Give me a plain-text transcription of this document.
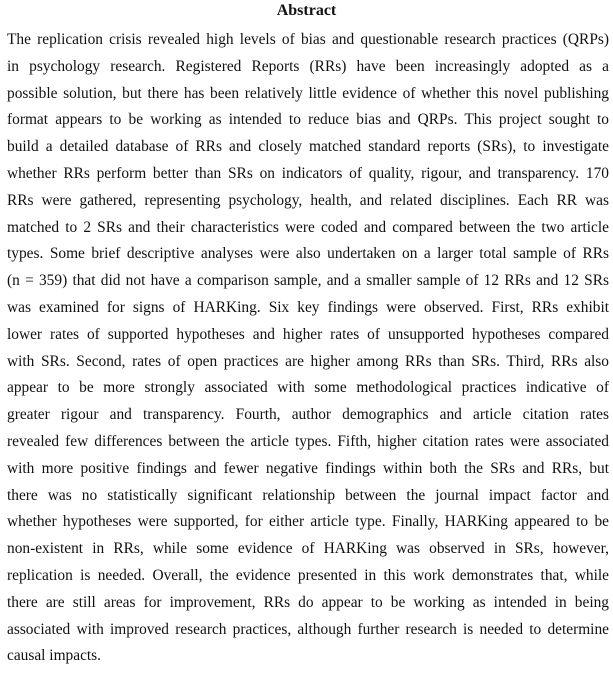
Abstract
The replication crisis revealed high levels of bias and questionable research practices (QRPs)
in psychology research. Registered Reports (RRs) have been increasingly adopted as a
possible solution, but there has been relatively little evidence of whether this novel publishing
format appears to be working as intended to reduce bias and QRPs. This project sought to
build a detailed database of RRs and closely matched standard reports (SRs), to investigate
whether RRs perform better than SRs on indicators of quality, rigour, and transparency. 170
RRs were gathered, representing psychology, health, and related disciplines. Each RR was
matched to 2 SRs and their characteristics were coded and compared between the two article
types. Some brief descriptive analyses were also undertaken on a larger total sample of RRs
(n = 359) that did not have a comparison sample, and a smaller sample of 12 RRs and 12 SRs
was examined for signs of HARKing. Six key findings were observed. First, RRs exhibit
lower rates of supported hypotheses and higher rates of unsupported hypotheses compared
with SRs. Second, rates of open practices are higher among RRs than SRs. Third, RRs also
appear to be more strongly associated with some methodological practices indicative of
greater rigour and transparency. Fourth, author demographics and article citation rates
revealed few differences between the article types. Fifth, higher citation rates were associated
with more positive findings and fewer negative findings within both the SRs and RRs, but
there was no statistically significant relationship between the journal impact factor and
whether hypotheses were supported, for either article type. Finally, HARKing appeared to be
non-existent in RRs, while some evidence of HARKing was observed in SRs, however,
replication is needed. Overall, the evidence presented in this work demonstrates that, while
there are still areas for improvement, RRs do appear to be working as intended in being
associated with improved research practices, although further research is needed to determine
causal impacts.
